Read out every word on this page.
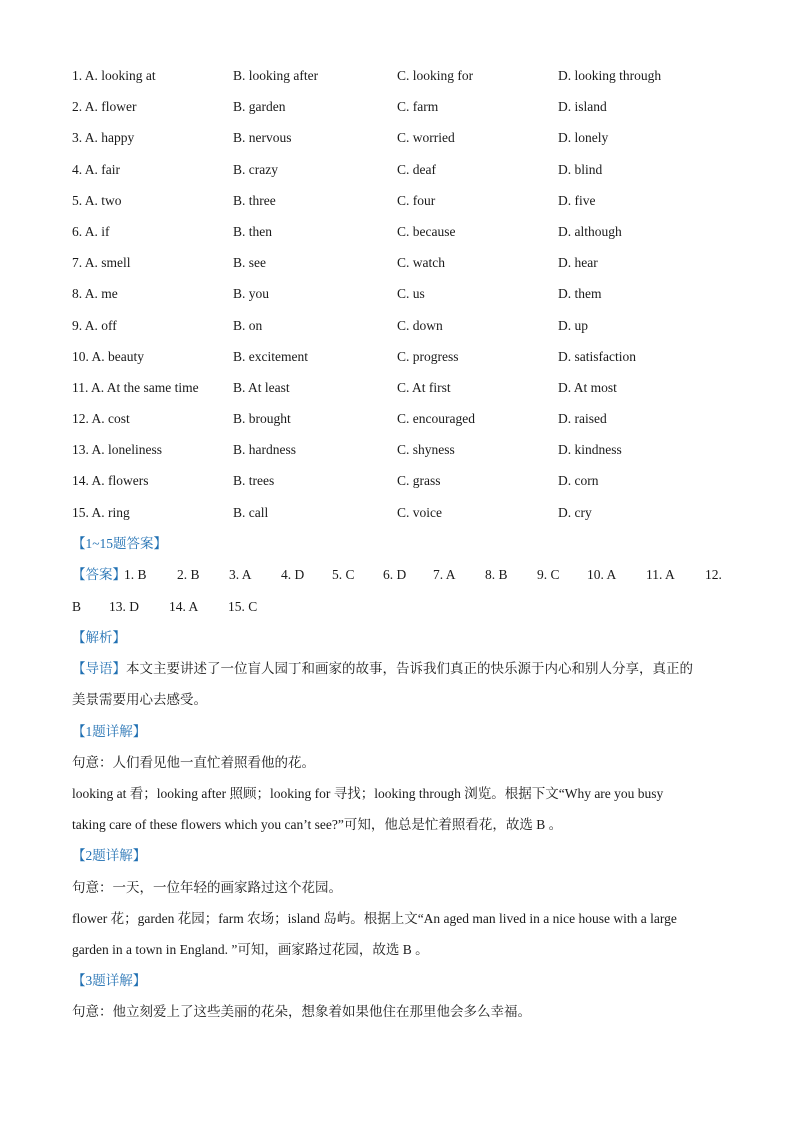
1. A. looking at	B. looking after	C. looking for	D. looking through
2. A. flower	B. garden	C. farm	D. island
3. A. happy	B. nervous	C. worried	D. lonely
4. A. fair	B. crazy	C. deaf	D. blind
5. A. two	B. three	C. four	D. five
6. A. if	B. then	C. because	D. although
7. A. smell	B. see	C. watch	D. hear
8. A. me	B. you	C. us	D. them
9. A. off	B. on	C. down	D. up
10. A. beauty	B. excitement	C. progress	D. satisfaction
11. A. At the same time	B. At least	C. At first	D. At most
12. A. cost	B. brought	C. encouraged	D. raised
13. A. loneliness	B. hardness	C. shyness	D. kindness
14. A. flowers	B. trees	C. grass	D. corn
15. A. ring	B. call	C. voice	D. cry
【1~15题答案】
【答案】
1. B 2. B 3. A 4. D 5. C 6. D 7. A 8. B 9. C 10. A 11. A 12.
B 13. D 14. A 15. C
【解析】
【导语】本文主要讲述了一位盲人园丁和画家的故事，告诉我们真正的快乐源于内心和别人分享，真正的
美景需要用心去感受。
【1题详解】
句意：人们看见他一直忙着照看他的花。
looking at 看；looking after 照顾；looking for 寻找；looking through 浏览。根据下文“Why are you busy
taking care of these flowers which you can’t see?”可知，他总是忙着照看花，故选 B 。
【2题详解】
句意：一天，一位年轻的画家路过这个花园。
flower 花；garden 花园；farm 农场；island 岛屿。根据上文“An aged man lived in a nice house with a large
garden in a town in England. ”可知，画家路过花园，故选 B 。
【3题详解】
句意：他立刻爱上了这些美丽的花朵，想象着如果他住在那里他会多么幸福。
